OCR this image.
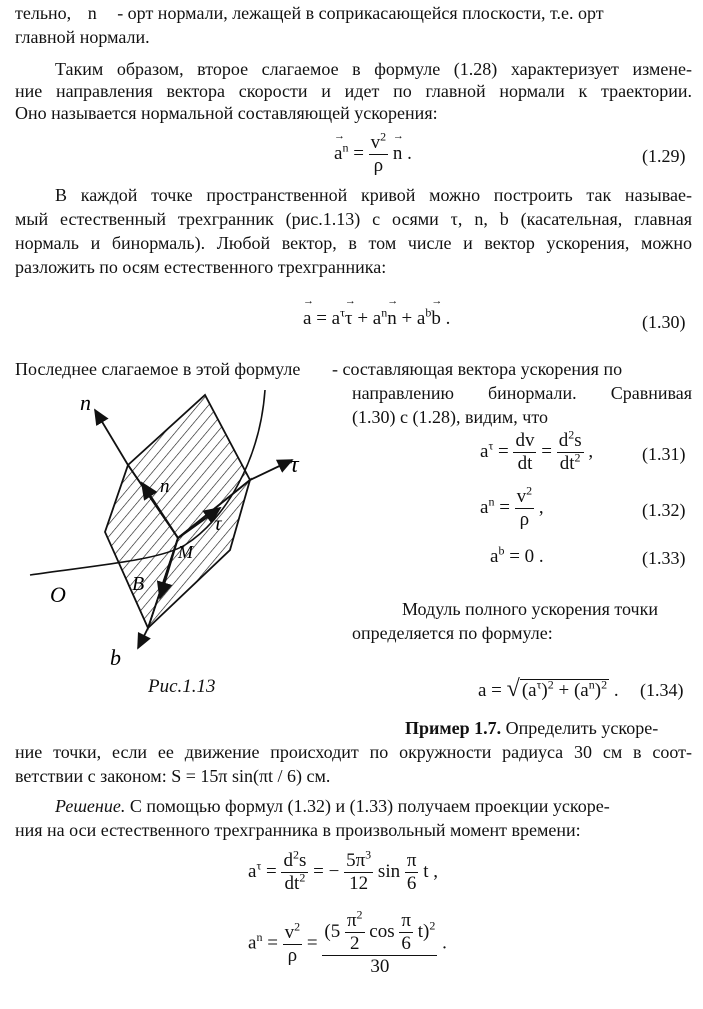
тельно, → n - орт нормали, лежащей в соприкасающейся плоскости, т.е. орт
главной нормали.
Таким образом, второе слагаемое в формуле (1.28) характеризует измене-
ние направления вектора скорости и идет по главной нормали к траектории.
Оно называется нормальной составляющей ускорения:
→ $a^n = \frac{v^2}{\rho}$
→ n .	(1.29)
В каждой точке пространственной кривой можно построить так называе-
мый естественный трехгранник (рис.1.13) с осями τ, n, b (касательная, главная
нормаль и бинормаль). Любой вектор, в том числе и вектор ускорения, можно
разложить по осям естественного трехгранника:
→ $a = a^\tau\to \tau + a^n\to n + a^b\to b$ .	(1.30)
Последнее слагаемое в этой формуле - составляющая вектора ускорения по
направлению бинормали. Сравнивая
(1.30) с (1.28), видим, что
$a^\tau = \frac{dv}{dt} = \frac{d^2s}{dt^2}$ ,	(1.31)
$a^n = \frac{v^2}{\rho}$ ,	(1.32)
$a^b = 0$ .	(1.33)
Модуль полного ускорения точки
определяется по формуле:
a = √ $(a^\tau)^2 + (a^n)^2$ . (1.34)
n
τ
b
n
τ
B
M
O
Рис.1.13
Пример 1.7. Определить ускоре-
ние точки, если ее движение происходит по окружности радиуса 30 см в соот-
ветствии с законом: S = 15π sin(πt / 6) см.
Решение. С помощью формул (1.32) и (1.33) получаем проекции ускоре-
ния на оси естественного трехгранника в произвольный момент времени:
$a^\tau = \frac{d^2s}{dt^2}$ = − $\frac{5\pi^3}{12}$ $\sin \frac{\pi}{6}$ t ,
$a^n = \frac{v^2}{\rho} = \frac{(5 \frac{\pi^2}{2} \cos \frac{\pi}{6} t)^2}{30}$ .
